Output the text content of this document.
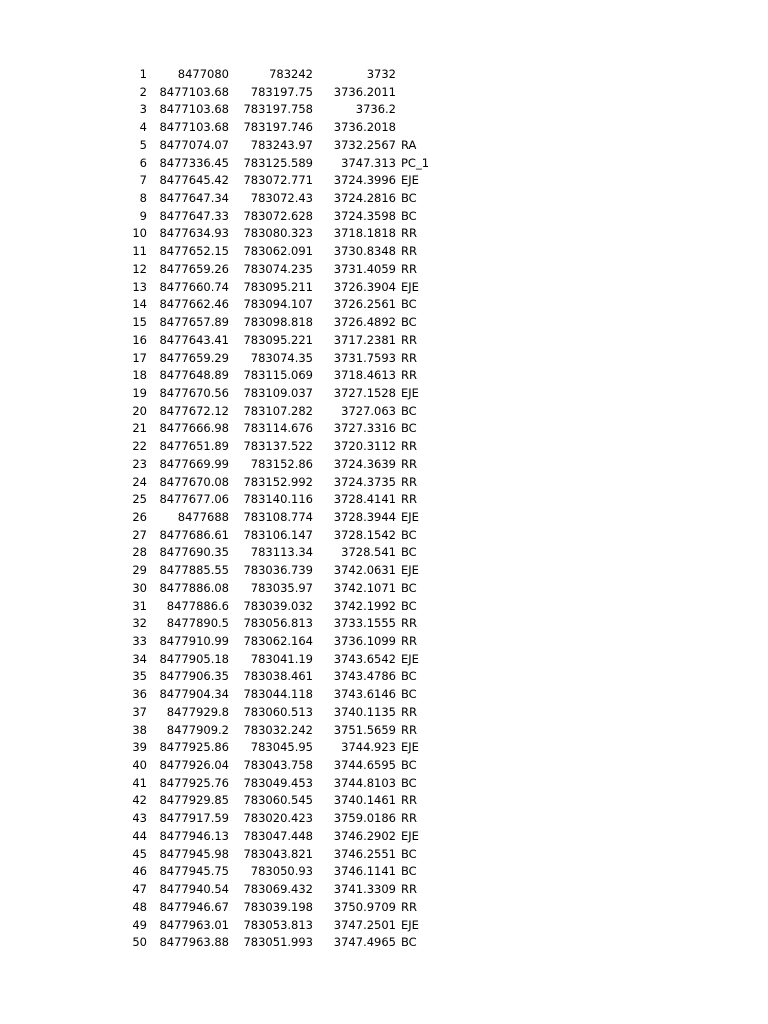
1	8477080	783242	3732
2 8477103.68 783197.75 3736.2011
3 8477103.68 783197.758	3736.2
4 8477103.68 783197.746 3736.2018
5 8477074.07 783243.97 3732.2567 RA
6 8477336.45 783125.589 3747.313 PC_1
7 8477645.42 783072.771 3724.3996 EJE
8 8477647.34 783072.43 3724.2816 BC
9 8477647.33 783072.628 3724.3598 BC
10 8477634.93 783080.323 3718.1818 RR
11 8477652.15 783062.091 3730.8348 RR
12 8477659.26 783074.235 3731.4059 RR
13 8477660.74 783095.211 3726.3904 EJE
14 8477662.46 783094.107 3726.2561 BC
15 8477657.89 783098.818 3726.4892 BC
16 8477643.41 783095.221 3717.2381 RR
17 8477659.29 783074.35 3731.7593 RR
18 8477648.89 783115.069 3718.4613 RR
19 8477670.56 783109.037 3727.1528 EJE
20 8477672.12 783107.282 3727.063 BC
21 8477666.98 783114.676 3727.3316 BC
22 8477651.89 783137.522 3720.3112 RR
23 8477669.99 783152.86 3724.3639 RR
24 8477670.08 783152.992 3724.3735 RR
25 8477677.06 783140.116 3728.4141 RR
26	8477688 783108.774 3728.3944 EJE
27 8477686.61 783106.147 3728.1542 BC
28 8477690.35 783113.34 3728.541 BC
29 8477885.55 783036.739 3742.0631 EJE
30 8477886.08 783035.97 3742.1071 BC
31 8477886.6 783039.032 3742.1992 BC
32 8477890.5 783056.813 3733.1555 RR
33 8477910.99 783062.164 3736.1099 RR
34 8477905.18 783041.19 3743.6542 EJE
35 8477906.35 783038.461 3743.4786 BC
36 8477904.34 783044.118 3743.6146 BC
37 8477929.8 783060.513 3740.1135 RR
38 8477909.2 783032.242 3751.5659 RR
39 8477925.86 783045.95 3744.923 EJE
40 8477926.04 783043.758 3744.6595 BC
41 8477925.76 783049.453 3744.8103 BC
42 8477929.85 783060.545 3740.1461 RR
43 8477917.59 783020.423 3759.0186 RR
44 8477946.13 783047.448 3746.2902 EJE
45 8477945.98 783043.821 3746.2551 BC
46 8477945.75 783050.93 3746.1141 BC
47 8477940.54 783069.432 3741.3309 RR
48 8477946.67 783039.198 3750.9709 RR
49 8477963.01 783053.813 3747.2501 EJE
50 8477963.88 783051.993 3747.4965 BC
